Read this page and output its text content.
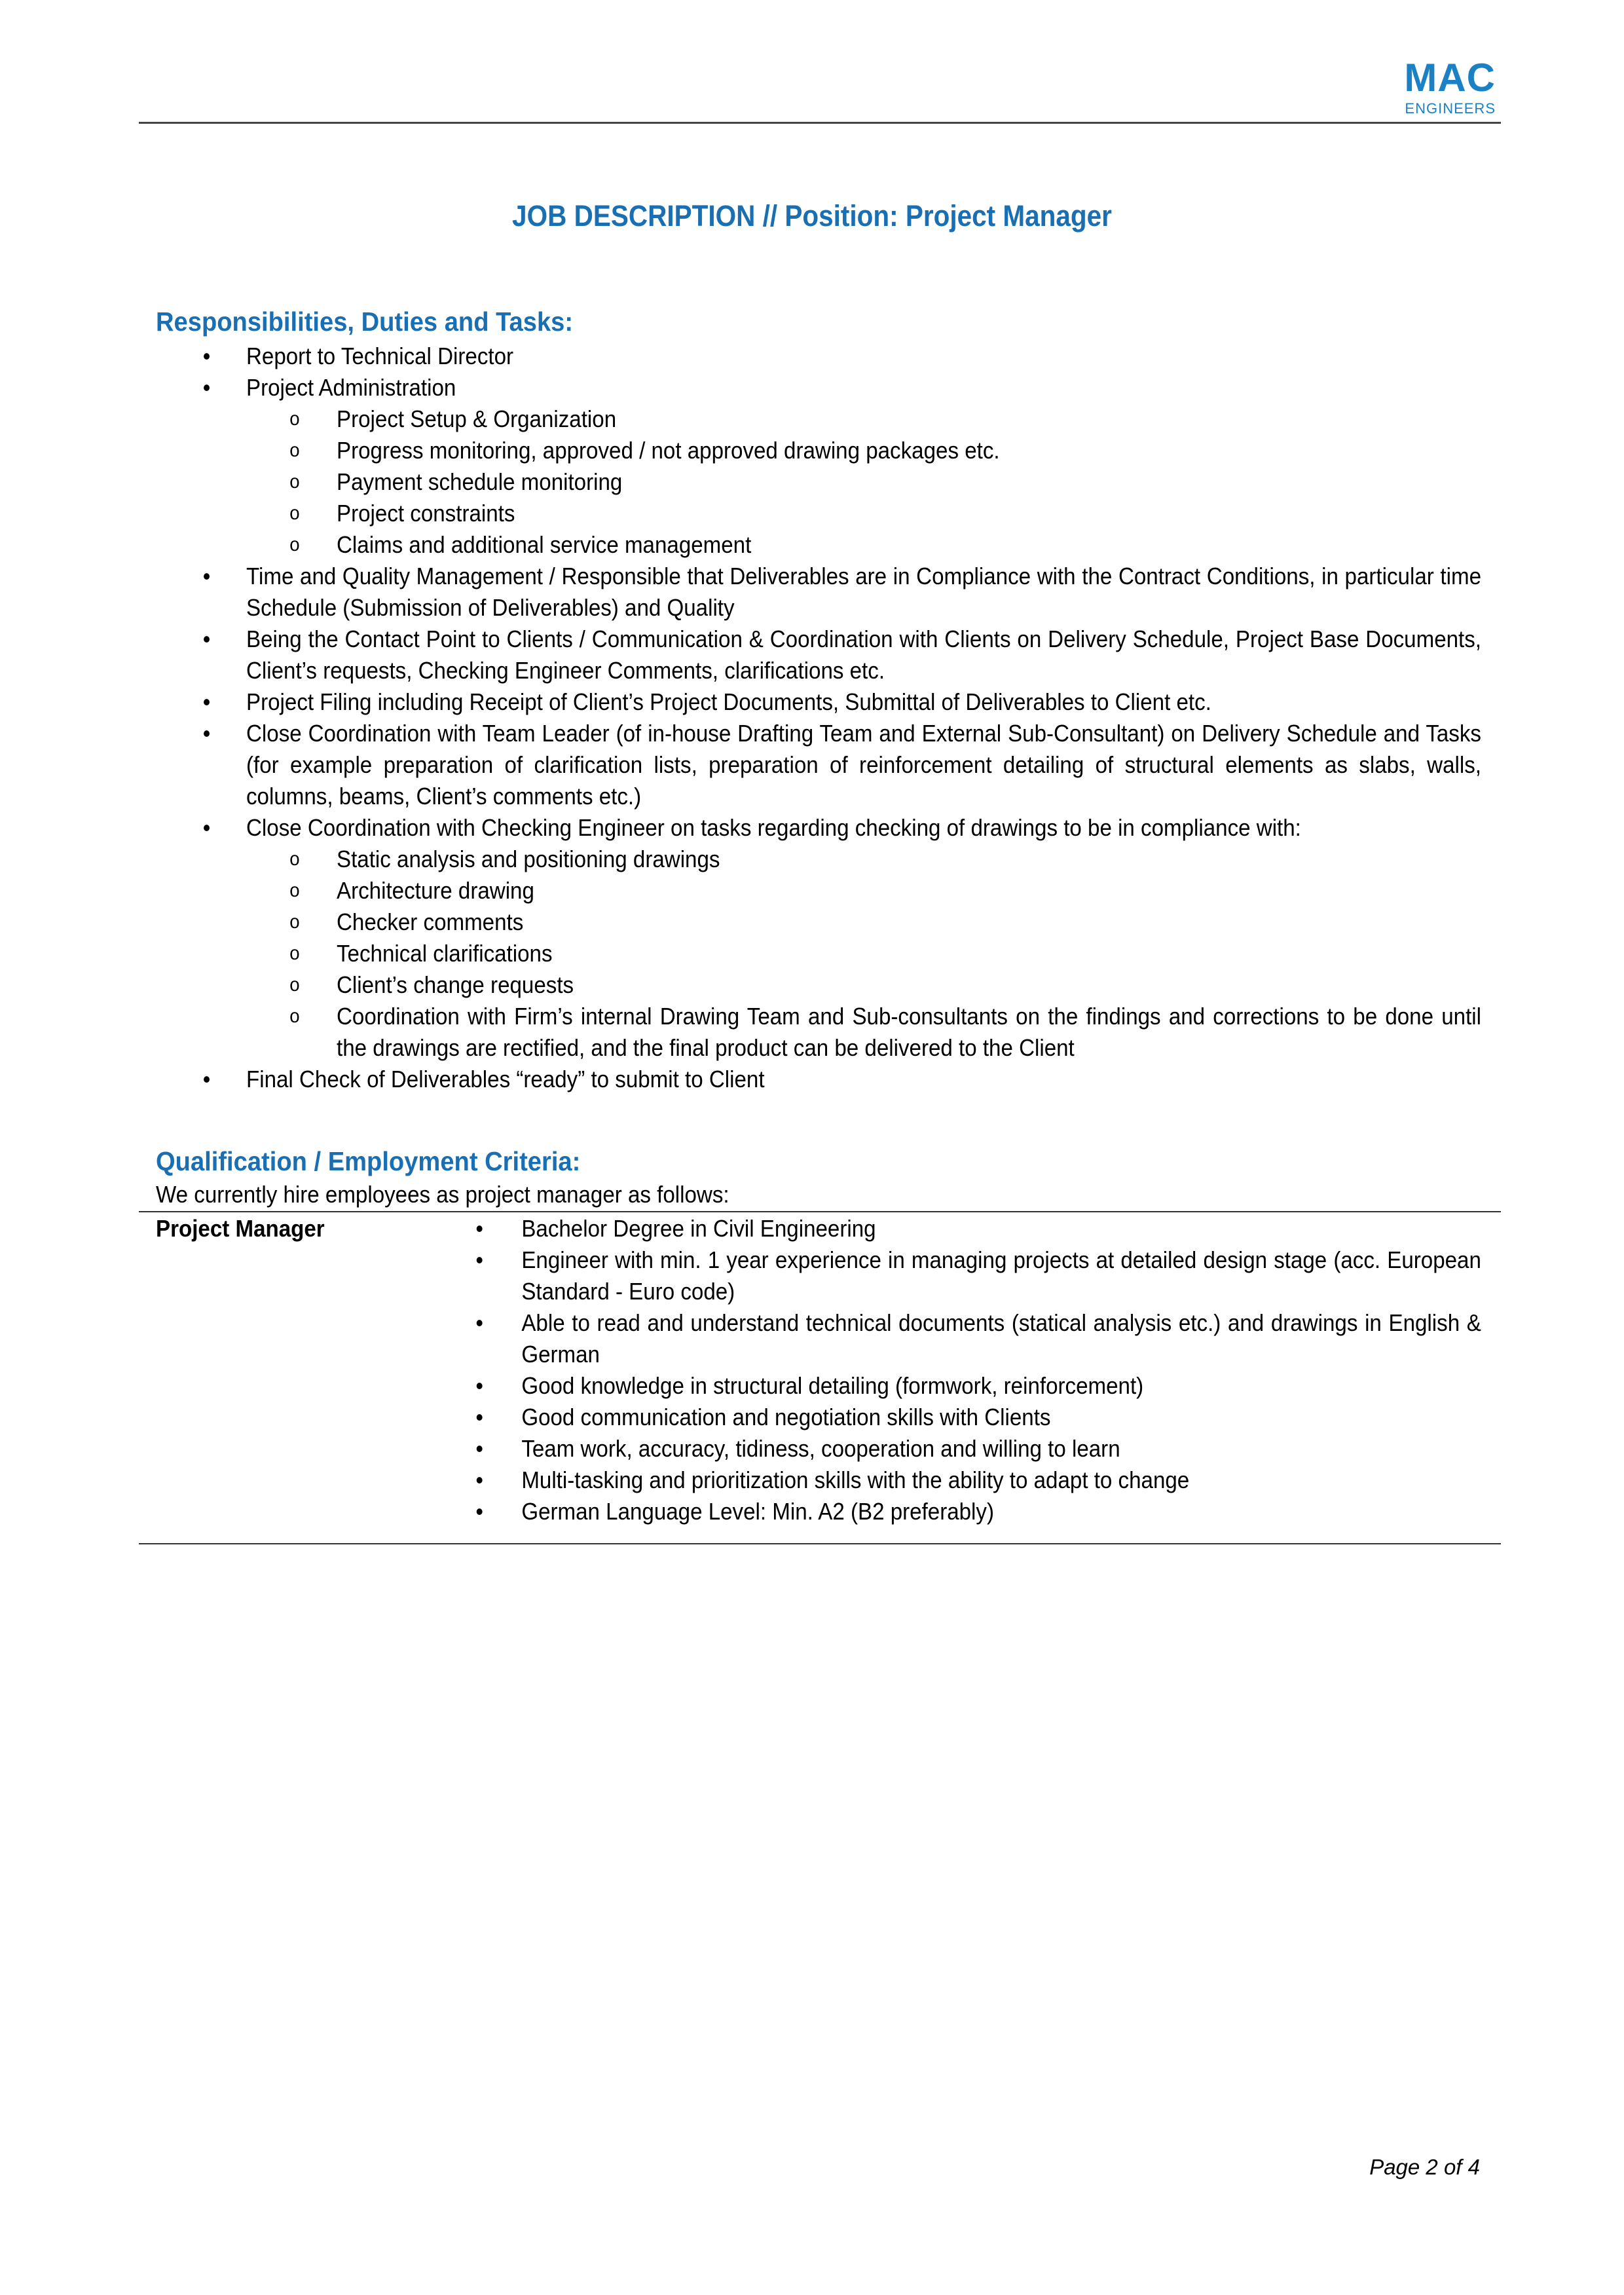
MAC
ENGINEERS
JOB DESCRIPTION // Position: Project Manager
Responsibilities, Duties and Tasks:
• Report to Technical Director
• Project Administration
o Project Setup & Organization
o Progress monitoring, approved / not approved drawing packages etc.
o Payment schedule monitoring
o Project constraints
o Claims and additional service management
• Time and Quality Management / Responsible that Deliverables are in Compliance with the Contract Conditions, in particular time Schedule (Submission of Deliverables) and Quality
• Being the Contact Point to Clients / Communication & Coordination with Clients on Delivery Schedule, Project Base Documents, Client’s requests, Checking Engineer Comments, clarifications etc.
• Project Filing including Receipt of Client’s Project Documents, Submittal of Deliverables to Client etc.
• Close Coordination with Team Leader (of in-house Drafting Team and External Sub-Consultant) on Delivery Schedule and Tasks (for example preparation of clarification lists, preparation of reinforcement detailing of structural elements as slabs, walls, columns, beams, Client’s comments etc.)
• Close Coordination with Checking Engineer on tasks regarding checking of drawings to be in compliance with:
o Static analysis and positioning drawings
o Architecture drawing
o Checker comments
o Technical clarifications
o Client’s change requests
o Coordination with Firm’s internal Drawing Team and Sub-consultants on the findings and corrections to be done until the drawings are rectified, and the final product can be delivered to the Client
• Final Check of Deliverables “ready” to submit to Client
Qualification / Employment Criteria:
We currently hire employees as project manager as follows:
Project Manager	• Bachelor Degree in Civil Engineering
• Engineer with min. 1 year experience in managing projects at detailed design stage (acc. European Standard - Euro code)
• Able to read and understand technical documents (statical analysis etc.) and drawings in English & German
• Good knowledge in structural detailing (formwork, reinforcement)
• Good communication and negotiation skills with Clients
• Team work, accuracy, tidiness, cooperation and willing to learn
• Multi-tasking and prioritization skills with the ability to adapt to change
• German Language Level: Min. A2 (B2 preferably)
Page 2 of 4
